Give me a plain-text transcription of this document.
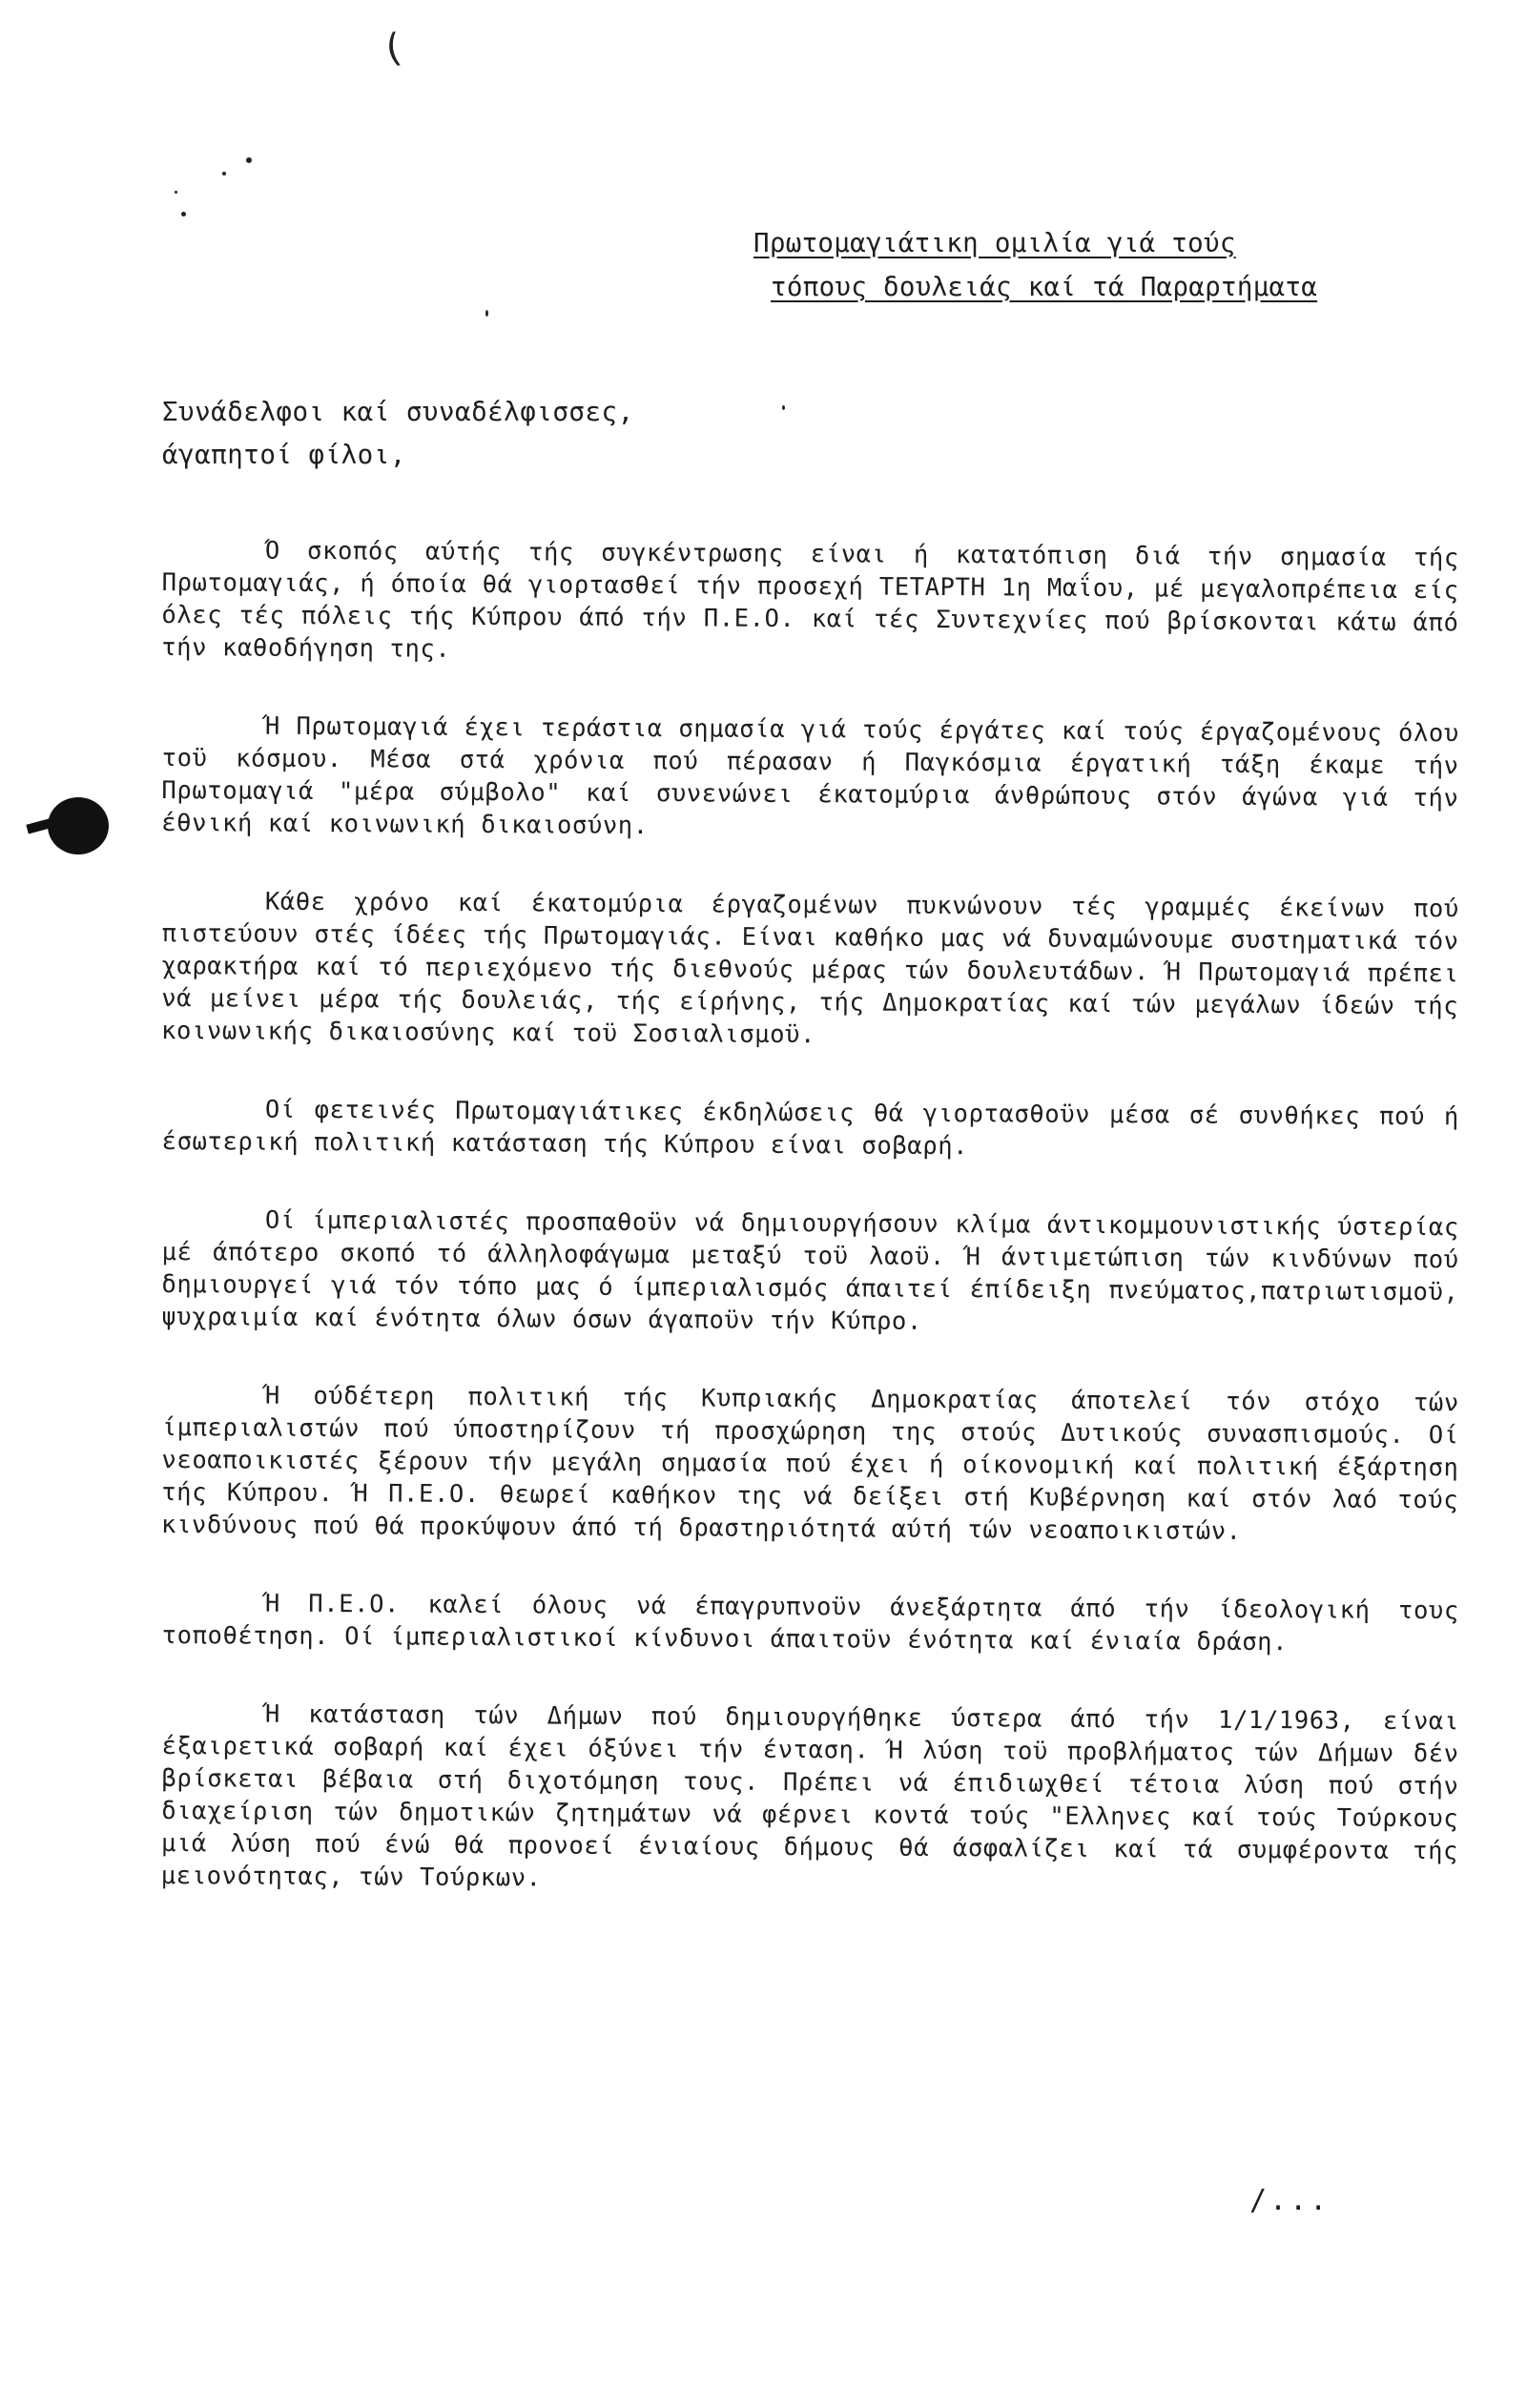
(
Πρωτομαγιάτικη ομιλία γιά τούς
τόπους δουλειάς καί τά Παραρτήματα
Συνάδελφοι καί συναδέλφισσες,
άγαπητοί φίλοι,

Ό σκοπός αύτής τής συγκέντρωσης είναι ή κατατόπιση διά τήν σημασία τής Πρωτομαγιάς, ή όποία θά γιορτασθεί τήν προσεχή ΤΕΤΑΡΤΗ 1η Μαΐου, μέ μεγαλοπρέπεια είς όλες τές πόλεις τής Κύπρου άπό τήν Π.Ε.Ο. καί τές Συντεχνίες πού βρίσκονται κάτω άπό τήν καθοδήγηση της.

Ή Πρωτομαγιά έχει τεράστια σημασία γιά τούς έργάτες καί τούς έργαζομένους όλου τοϋ κόσμου. Μέσα στά χρόνια πού πέρασαν ή Παγκόσμια έργατική τάξη έκαμε τήν Πρωτομαγιά "μέρα σύμβολο" καί συνενώνει έκατομύρια άνθρώπους στόν άγώνα γιά τήν έθνική καί κοινωνική δικαιοσύνη.

Κάθε χρόνο καί έκατομύρια έργαζομένων πυκνώνουν τές γραμμές έκείνων πού πιστεύουν στές ίδέες τής Πρωτομαγιάς. Είναι καθήκο μας νά δυναμώνουμε συστηματικά τόν χαρακτήρα καί τό περιεχόμενο τής διεθνούς μέρας τών δουλευτάδων. Ή Πρωτομαγιά πρέπει νά μείνει μέρα τής δουλειάς, τής είρήνης, τής Δημοκρατίας καί τών μεγάλων ίδεών τής κοινωνικής δικαιοσύνης καί τοϋ Σοσιαλισμοϋ.

Οί φετεινές Πρωτομαγιάτικες έκδηλώσεις θά γιορτασθοϋν μέσα σέ συνθήκες πού ή έσωτερική πολιτική κατάσταση τής Κύπρου είναι σοβαρή.

Οί ίμπεριαλιστές προσπαθοϋν νά δημιουργήσουν κλίμα άντικομμουνιστικής ύστερίας μέ άπότερο σκοπό τό άλληλοφάγωμα μεταξύ τοϋ λαοϋ. Ή άντιμετώπιση τών κινδύνων πού δημιουργεί γιά τόν τόπο μας ό ίμπεριαλισμός άπαιτεί έπίδειξη πνεύματος,πατριωτισμοϋ, ψυχραιμία καί ένότητα όλων όσων άγαποϋν τήν Κύπρο.

Ή ούδέτερη πολιτική τής Κυπριακής Δημοκρατίας άποτελεί τόν στόχο τών ίμπεριαλιστών πού ύποστηρίζουν τή προσχώρηση της στούς Δυτικούς συνασπισμούς. Οί νεοαποικιστές ξέρουν τήν μεγάλη σημασία πού έχει ή οίκονομική καί πολιτική έξάρτηση τής Κύπρου. Ή Π.Ε.Ο. θεωρεί καθήκον της νά δείξει στή Κυβέρνηση καί στόν λαό τούς κινδύνους πού θά προκύψουν άπό τή δραστηριότητά αύτή τών νεοαποικιστών.

Ή Π.Ε.Ο. καλεί όλους νά έπαγρυπνοϋν άνεξάρτητα άπό τήν ίδεολογική τους τοποθέτηση. Οί ίμπεριαλιστικοί κίνδυνοι άπαιτοϋν ένότητα καί ένιαία δράση.

Ή κατάσταση τών Δήμων πού δημιουργήθηκε ύστερα άπό τήν 1/1/1963, είναι έξαιρετικά σοβαρή καί έχει όξύνει τήν ένταση. Ή λύση τοϋ προβλήματος τών Δήμων δέν βρίσκεται βέβαια στή διχοτόμηση τους. Πρέπει νά έπιδιωχθεί τέτοια λύση πού στήν διαχείριση τών δημοτικών ζητημάτων νά φέρνει κοντά τούς "Ελληνες καί τούς Τούρκους μιά λύση πού ένώ θά προνοεί ένιαίους δήμους θά άσφαλίζει καί τά συμφέροντα τής μειονότητας, τών Τούρκων.

/...
